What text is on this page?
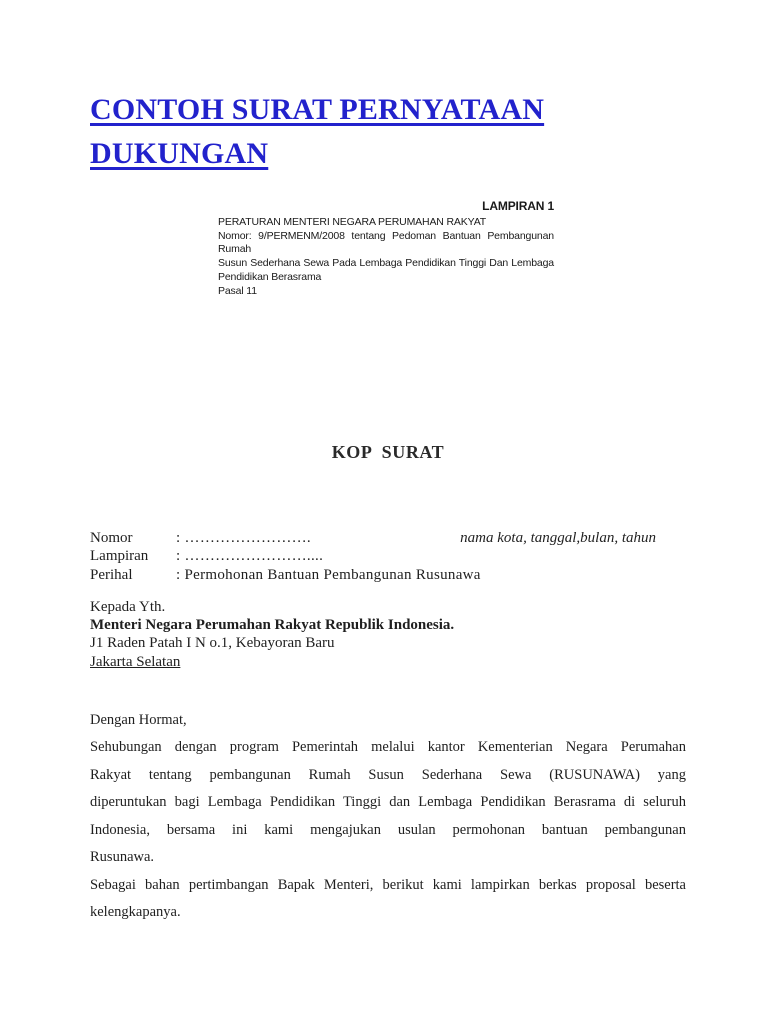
CONTOH SURAT PERNYATAAN DUKUNGAN
LAMPIRAN 1
PERATURAN MENTERI NEGARA PERUMAHAN RAKYAT
Nomor: 9/PERMENM/2008 tentang Pedoman Bantuan Pembangunan Rumah
Susun Sederhana Sewa Pada Lembaga Pendidikan Tinggi Dan Lembaga
Pendidikan Berasrama
Pasal 11
KOP SURAT
Nomor	: …………………….	nama kota, tanggal,bulan, tahun
Lampiran	: ……………………....
Perihal	: Permohonan Bantuan Pembangunan Rusunawa
Kepada Yth.
Menteri Negara Perumahan Rakyat Republik Indonesia.
J1 Raden Patah I N o.1, Kebayoran Baru
Jakarta Selatan
Dengan Hormat,
Sehubungan dengan program Pemerintah melalui kantor Kementerian Negara Perumahan
Rakyat tentang pembangunan Rumah Susun Sederhana Sewa (RUSUNAWA) yang
diperuntukan bagi Lembaga Pendidikan Tinggi dan Lembaga Pendidikan Berasrama di seluruh
Indonesia, bersama ini kami mengajukan usulan permohonan bantuan pembangunan
Rusunawa.
Sebagai bahan pertimbangan Bapak Menteri, berikut kami lampirkan berkas proposal beserta
kelengkapanya.
